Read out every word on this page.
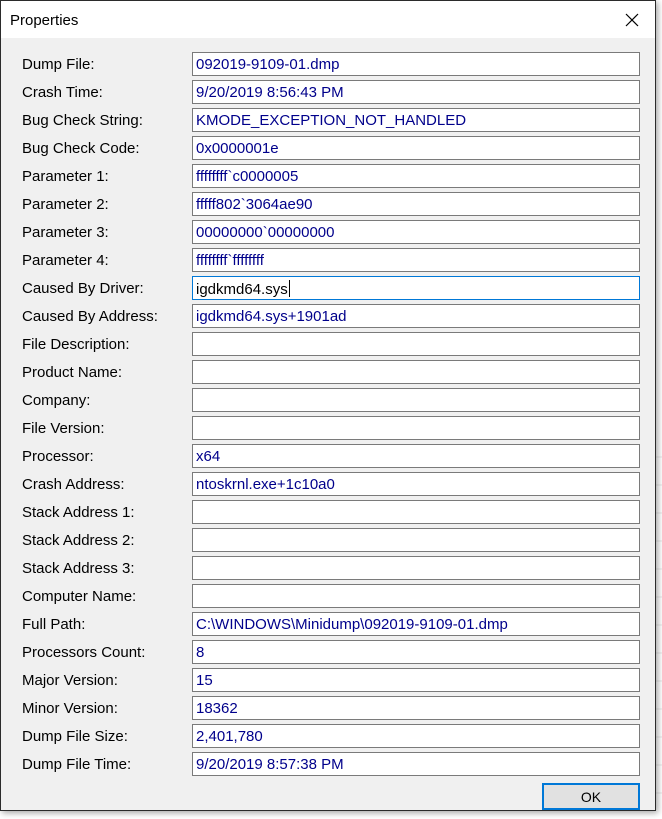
Properties
Dump File:	092019-9109-01.dmp
Crash Time:	9/20/2019 8:56:43 PM
Bug Check String:	KMODE_EXCEPTION_NOT_HANDLED
Bug Check Code:	0x0000001e
Parameter 1:	ffffffff`c0000005
Parameter 2:	fffff802`3064ae90
Parameter 3:	00000000`00000000
Parameter 4:	ffffffff`ffffffff
Caused By Driver:	igdkmd64.sys
Caused By Address:	igdkmd64.sys+1901ad
File Description:
Product Name:
Company:
File Version:
Processor:	x64
Crash Address:	ntoskrnl.exe+1c10a0
Stack Address 1:
Stack Address 2:
Stack Address 3:
Computer Name:
Full Path:	C:\WINDOWS\Minidump\092019-9109-01.dmp
Processors Count:	8
Major Version:	15
Minor Version:	18362
Dump File Size:	2,401,780
Dump File Time:	9/20/2019 8:57:38 PM
OK
